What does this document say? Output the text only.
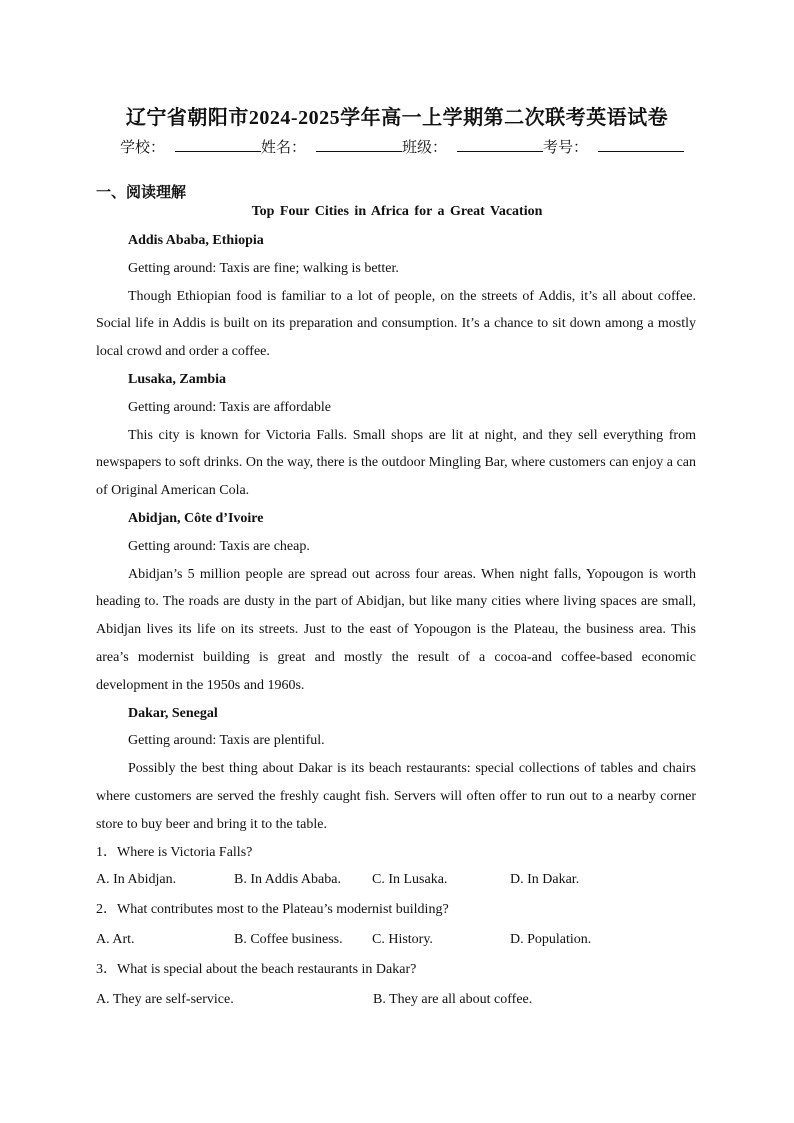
辽宁省朝阳市2024-2025学年高一上学期第二次联考英语试卷
学校：	姓名：	班级：	考号：
一、阅读理解
Top Four Cities in Africa for a Great Vacation

Addis Ababa, Ethiopia

Getting around: Taxis are fine; walking is better.

Though Ethiopian food is familiar to a lot of people, on the streets of Addis, it’s all about coffee. Social life in Addis is built on its preparation and consumption. It’s a chance to sit down among a mostly local crowd and order a coffee.

Lusaka, Zambia

Getting around: Taxis are affordable

This city is known for Victoria Falls. Small shops are lit at night, and they sell everything from newspapers to soft drinks. On the way, there is the outdoor Mingling Bar, where customers can enjoy a can of Original American Cola.

Abidjan, Côte d’Ivoire

Getting around: Taxis are cheap.

Abidjan’s 5 million people are spread out across four areas. When night falls, Yopougon is worth heading to. The roads are dusty in the part of Abidjan, but like many cities where living spaces are small, Abidjan lives its life on its streets. Just to the east of Yopougon is the Plateau, the business area. This area’s modernist building is great and mostly the result of a cocoa-and coffee-based economic development in the 1950s and 1960s.

Dakar, Senegal

Getting around: Taxis are plentiful.

Possibly the best thing about Dakar is its beach restaurants: special collections of tables and chairs where customers are served the freshly caught fish. Servers will often offer to run out to a nearby corner store to buy beer and bring it to the table.

1．Where is Victoria Falls?

A. In Abidjan.	B. In Addis Ababa.	C. In Lusaka.	D. In Dakar.

2．What contributes most to the Plateau’s modernist building?

A. Art.	B. Coffee business.	C. History.	D. Population.

3．What is special about the beach restaurants in Dakar?

A. They are self-service.	B. They are all about coffee.
